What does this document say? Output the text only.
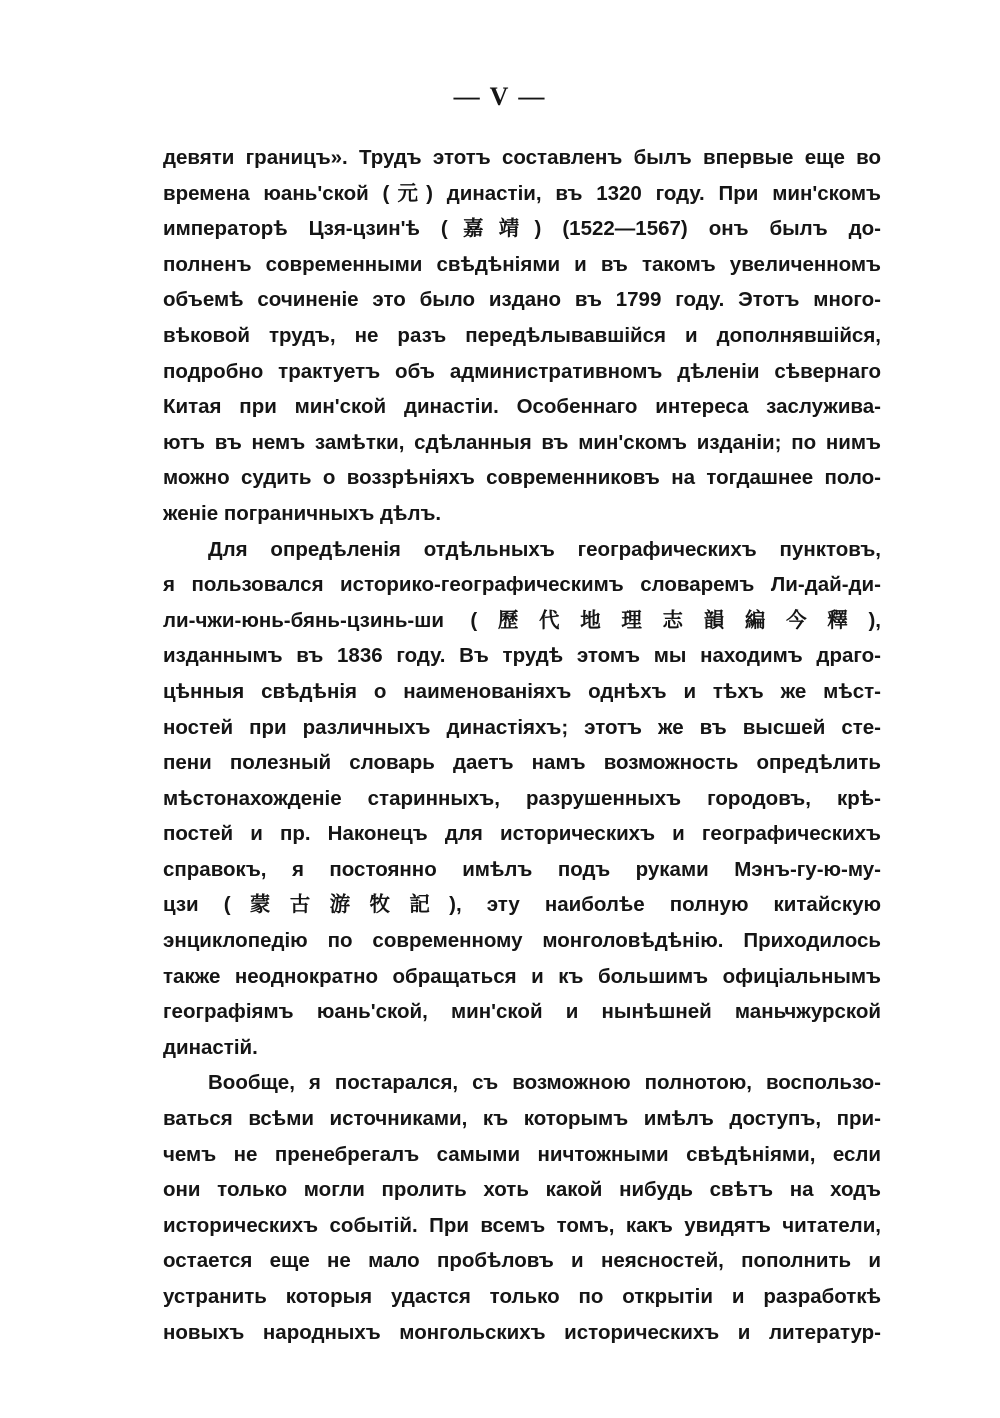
— V —
девяти границъ». Трудъ этотъ составленъ былъ впервые еще во
времена юань'ской (元) династіи, въ 1320 году. При мин'скомъ
императорѣ Цзя-цзин'ѣ (嘉靖) (1522—1567) онъ былъ до-
полненъ современными свѣдѣніями и въ такомъ увеличенномъ
объемѣ сочиненіе это было издано въ 1799 году. Этотъ много-
вѣковой трудъ, не разъ передѣлывавшійся и дополнявшійся,
подробно трактуетъ объ административномъ дѣленіи сѣвернаго
Китая при мин'ской династіи. Особеннаго интереса заслужива-
ютъ въ немъ замѣтки, сдѣланныя въ мин'скомъ изданіи; по нимъ
можно судить о воззрѣніяхъ современниковъ на тогдашнее поло-
женіе пограничныхъ дѣлъ.
Для опредѣленія отдѣльныхъ географическихъ пунктовъ,
я пользовался историко-географическимъ словаремъ Ли-дай-ди-
ли-чжи-юнь-бянь-цзинь-ши (歷代地理志韻編今釋),
изданнымъ въ 1836 году. Въ трудѣ этомъ мы находимъ драго-
цѣнныя свѣдѣнія о наименованіяхъ однѣхъ и тѣхъ же мѣст-
ностей при различныхъ династіяхъ; этотъ же въ высшей сте-
пени полезный словарь даетъ намъ возможность опредѣлить
мѣстонахожденіе старинныхъ, разрушенныхъ городовъ, крѣ-
постей и пр. Наконецъ для историческихъ и географическихъ
справокъ, я постоянно имѣлъ подъ руками Мэнъ-гу-ю-му-
цзи (蒙古游牧記), эту наиболѣе полную китайскую
энциклопедію по современному монголовѣдѣнію. Приходилось
также неоднократно обращаться и къ большимъ офиціальнымъ
географіямъ юань'ской, мин'ской и нынѣшней маньчжурской
династій.
Вообще, я постарался, съ возможною полнотою, воспользо-
ваться всѣми источниками, къ которымъ имѣлъ доступъ, при-
чемъ не пренебрегалъ самыми ничтожными свѣдѣніями, если
они только могли пролить хоть какой нибудь свѣтъ на ходъ
историческихъ событій. При всемъ томъ, какъ увидятъ читатели,
остается еще не мало пробѣловъ и неясностей, пополнить и
устранить которыя удастся только по открытіи и разработкѣ
новыхъ народныхъ монгольскихъ историческихъ и литератур-
